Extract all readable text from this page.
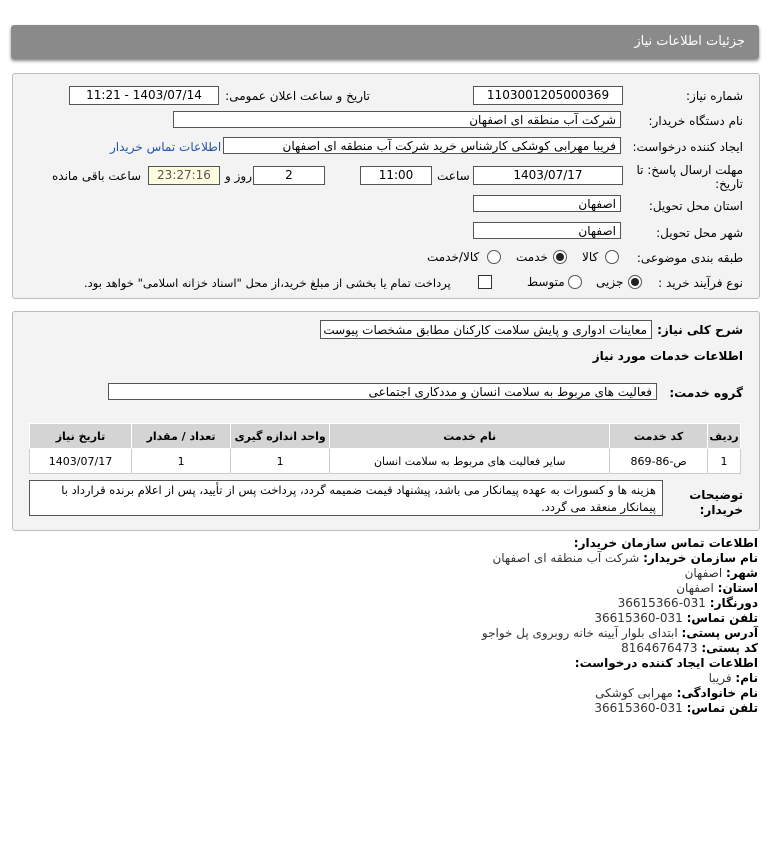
جزئیات اطلاعات نیاز
شماره نیاز:
1103001205000369
تاریخ و ساعت اعلان عمومی:
1403/07/14 - 11:21
نام دستگاه خریدار:
شرکت آب منطقه ای اصفهان
ایجاد کننده درخواست:
فریبا مهرابی کوشکی کارشناس خرید شرکت آب منطقه ای اصفهان
اطلاعات تماس خریدار
مهلت ارسال پاسخ: تا
تاریخ:
1403/07/17
ساعت
11:00
2
روز و
23:27:16
ساعت باقی مانده
استان محل تحویل:
اصفهان
شهر محل تحویل:
اصفهان
طبقه بندی موضوعی:
کالا
خدمت
کالا/خدمت
نوع فرآیند خرید :
جزیی
متوسط
پرداخت تمام یا بخشی از مبلغ خرید،از محل "اسناد خزانه اسلامی" خواهد بود.
شرح کلی نیاز:
معاینات ادواری و پایش سلامت کارکنان مطابق مشخصات پیوست
اطلاعات خدمات مورد نیاز
گروه خدمت:
فعالیت های مربوط به سلامت انسان و مددکاری اجتماعی
ردیف	کد خدمت	نام خدمت	واحد اندازه گیری	تعداد / مقدار	تاریخ نیاز
1	ص-86-869	سایر فعالیت های مربوط به سلامت انسان	1	1	1403/07/17
توضیحات
خریدار:
هزینه ها و کسورات به عهده پیمانکار می باشد، پیشنهاد قیمت ضمیمه گردد، پرداخت پس از تأیید، پس از اعلام برنده قرارداد با پیمانکار منعقد می گردد.
اطلاعات تماس سازمان خریدار:
نام سازمان خریدار: شرکت آب منطقه ای اصفهان
شهر: اصفهان
استان: اصفهان
دورنگار: 031-36615366
تلفن تماس: 031-36615360
آدرس پستی: ابتدای بلوار آیینه خانه روبروی پل خواجو
کد پستی: 8164676473
اطلاعات ایجاد کننده درخواست:
نام: فریبا
نام خانوادگی: مهرابی کوشکی
تلفن تماس: 031-36615360
